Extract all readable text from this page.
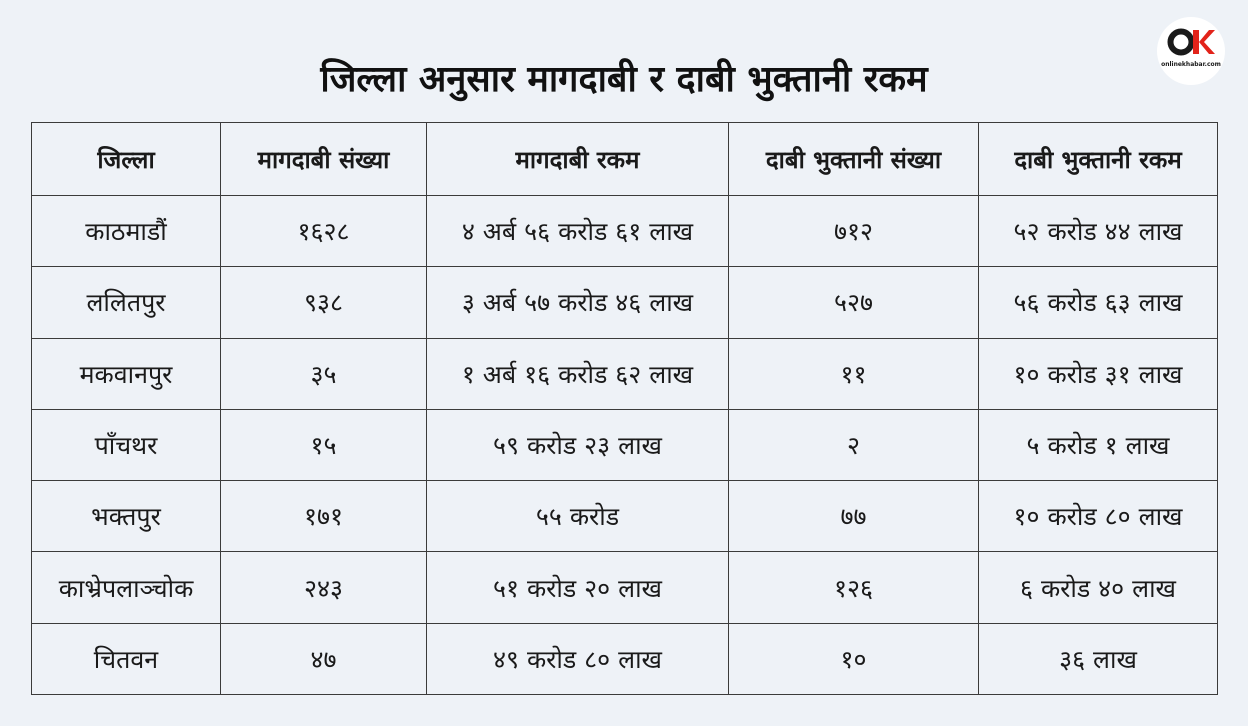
जिल्ला अनुसार मागदाबी र दाबी भुक्तानी रकम	onlinekhabar.com
जिल्ला	मागदाबी संख्या	मागदाबी रकम	दाबी भुक्तानी संख्या	दाबी भुक्तानी रकम
काठमाडौं	१६२८	४ अर्ब ५६ करोड ६१ लाख	७१२	५२ करोड ४४ लाख
ललितपुर	९३८	३ अर्ब ५७ करोड ४६ लाख	५२७	५६ करोड ६३ लाख
मकवानपुर	३५	१ अर्ब १६ करोड ६२ लाख	११	१० करोड ३१ लाख
पाँचथर	१५	५९ करोड २३ लाख	२	५ करोड १ लाख
भक्तपुर	१७१	५५ करोड	७७	१० करोड ८० लाख
काभ्रेपलाञ्चोक	२४३	५१ करोड २० लाख	१२६	६ करोड ४० लाख
चितवन	४७	४९ करोड ८० लाख	१०	३६ लाख
